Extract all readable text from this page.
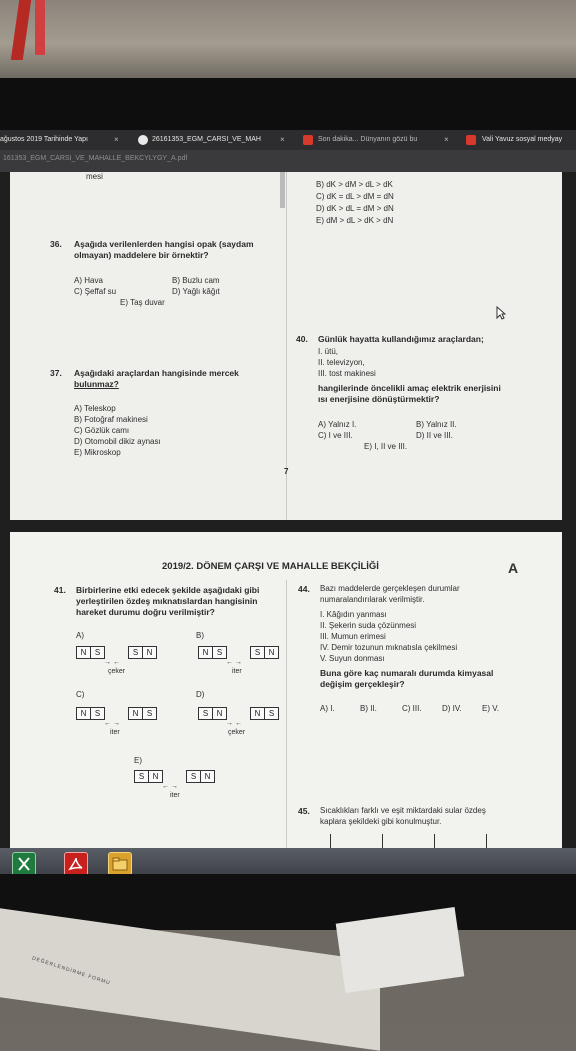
ağustos 2019 Tarihinde Yapı	×	26161353_EGM_CARSI_VE_MAH	×	Son dakika... Dünyanın gözü bu	×	Vali Yavuz sosyal medyay
161353_EGM_CARSI_VE_MAHALLE_BEKCYLYGY_A.pdf
mesi
B) dK > dM > dL > dK
C) dK = dL > dM = dN
D) dK > dL = dM > dN
E) dM > dL > dK > dN
36. Aşağıda verilenlerden hangisi opak (saydam
olmayan) maddelere bir örnektir?
A) Hava	B) Buzlu cam
C) Şeffaf su	D) Yağlı kâğıt
E) Taş duvar
40. Günlük hayatta kullandığımız araçlardan;
I. ütü,
II. televizyon,
III. tost makinesi
hangilerinde öncelikli amaç elektrik enerjisini
ısı enerjisine dönüştürmektir?
A) Yalnız I.	B) Yalnız II.
C) I ve III.	D) II ve III.
E) I, II ve III.
37. Aşağıdaki araçlardan hangisinde mercek
bulunmaz?
A) Teleskop
B) Fotoğraf makinesi
C) Gözlük camı
D) Otomobil dikiz aynası
E) Mikroskop
7
2019/2. DÖNEM ÇARŞI VE MAHALLE BEKÇİLİĞİ	A
41. Birbirlerine etki edecek şekilde aşağıdaki gibi
yerleştirilen özdeş mıknatıslardan hangisinin
hareket durumu doğru verilmiştir?
A)
N	S	S	N
→ ←
çeker
B)
N	S	S	N
← →
iter
C)
N	S	N	S
← →
iter
D)
S	N	N	S
→ ←
çeker
E)
S	N	S	N
← →
iter
44. Bazı maddelerde gerçekleşen durumlar
numaralandırılarak verilmiştir.
I. Kâğıdın yanması
II. Şekerin suda çözünmesi
III. Mumun erimesi
IV. Demir tozunun mıknatısla çekilmesi
V. Suyun donması
Buna göre kaç numaralı durumda kimyasal
değişim gerçekleşir?
A) I.	B) II.	C) III.	D) IV.	E) V.
45. Sıcaklıkları farklı ve eşit miktardaki sular özdeş
kaplara şekildeki gibi konulmuştur.
DEĞERLENDİRME FORMU
